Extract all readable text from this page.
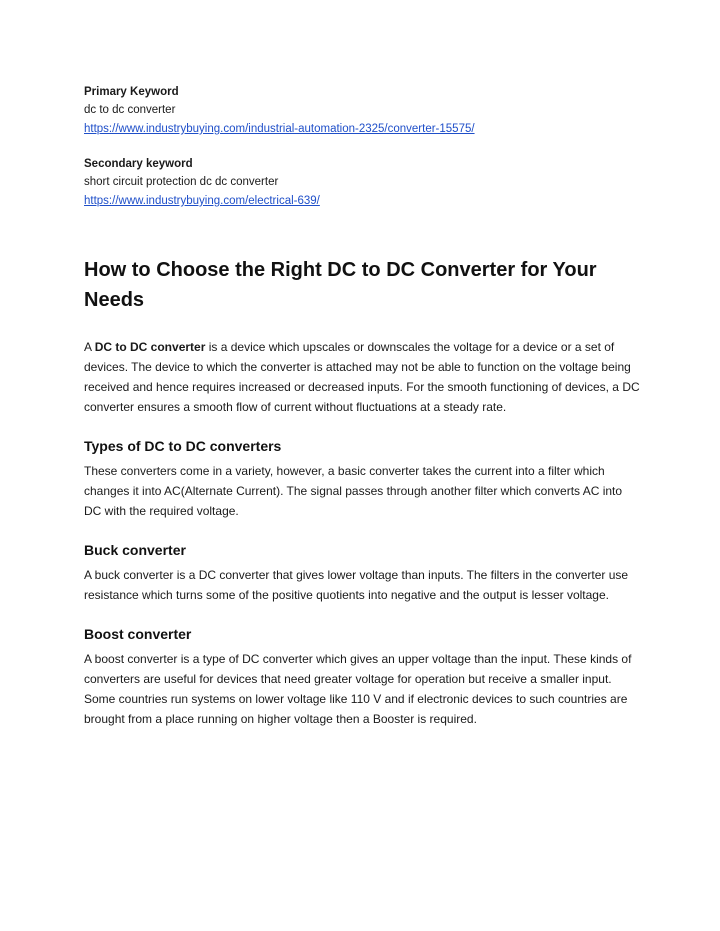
Primary Keyword

dc to dc converter

https://www.industrybuying.com/industrial-automation-2325/converter-15575/

Secondary keyword

short circuit protection dc dc converter

https://www.industrybuying.com/electrical-639/
How to Choose the Right DC to DC Converter for Your Needs

A DC to DC converter is a device which upscales or downscales the voltage for a device or a set of devices. The device to which the converter is attached may not be able to function on the voltage being received and hence requires increased or decreased inputs. For the smooth functioning of devices, a DC converter ensures a smooth flow of current without fluctuations at a steady rate.

Types of DC to DC converters

These converters come in a variety, however, a basic converter takes the current into a filter which changes it into AC(Alternate Current). The signal passes through another filter which converts AC into DC with the required voltage.

Buck converter

A buck converter is a DC converter that gives lower voltage than inputs. The filters in the converter use resistance which turns some of the positive quotients into negative and the output is lesser voltage.

Boost converter

A boost converter is a type of DC converter which gives an upper voltage than the input. These kinds of converters are useful for devices that need greater voltage for operation but receive a smaller input. Some countries run systems on lower voltage like 110 V and if electronic devices to such countries are brought from a place running on higher voltage then a Booster is required.
